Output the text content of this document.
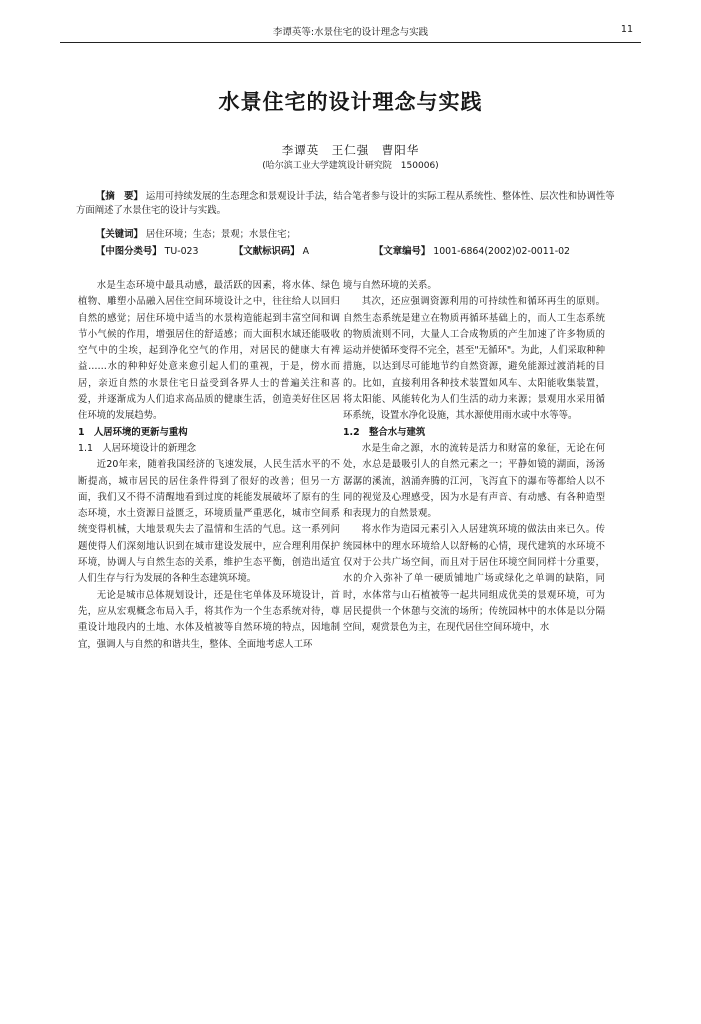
李谭英等:水景住宅的设计理念与实践	11
水景住宅的设计理念与实践
李谭英　王仁强　曹阳华
(哈尔滨工业大学建筑设计研究院　150006)

【摘　要】 运用可持续发展的生态理念和景观设计手法，结合笔者参与设计的实际工程从系统性、整体性、层次性和协调性等方面阐述了水景住宅的设计与实践。

【关键词】 居住环境；生态；景观；水景住宅；
【中图分类号】 TU-023	【文献标识码】 A	【文章编号】 1001-6864(2002)02-0011-02

水是生态环境中最具动感，最活跃的因素，将水体、绿色植物、雕塑小品融入居住空间环境设计之中，往往给人以回归自然的感觉；居住环境中适当的水景构造能起到丰富空间和调节小气候的作用，增强居住的舒适感；而大面积水域还能吸收空气中的尘埃，起到净化空气的作用，对居民的健康大有裨益……水的种种好处意来愈引起人们的重视，于是，傍水而居，亲近自然的水景住宅日益受到各界人士的普遍关注和喜爱，并逐渐成为人们追求高品质的健康生活，创造美好住区居住环境的发展趋势。

1　人居环境的更新与重构

1.1　人居环境设计的新理念

近20年来，随着我国经济的飞速发展，人民生活水平的不断提高，城市居民的居住条件得到了很好的改善；但另一方面，我们又不得不清醒地看到过度的耗能发展破坏了原有的生态环境，水土资源日益匮乏，环境质量严重恶化，城市空间系统变得机械，大地景观失去了温情和生活的气息。这一系列问题使得人们深刻地认识到在城市建设发展中，应合理利用保护环境，协调人与自然生态的关系，维护生态平衡，创造出适宜人们生存与行为发展的各种生态建筑环境。

无论是城市总体规划设计，还是住宅单体及环境设计，首先，应从宏观概念布局入手，将其作为一个生态系统对待，尊重设计地段内的土地、水体及植被等自然环境的特点，因地制宜，强调人与自然的和谐共生，整体、全面地考虑人工环

境与自然环境的关系。

其次，还应强调资源利用的可持续性和循环再生的原则。自然生态系统是建立在物质再循环基础上的，而人工生态系统的物质流则不同，大量人工合成物质的产生加速了许多物质的运动并使循环变得不完全，甚至"无循环"。为此，人们采取种种措施，以达到尽可能地节约自然资源，避免能源过渡消耗的目的。比如，直接利用各种技术装置如风车、太阳能收集装置，将太阳能、风能转化为人们生活的动力来源；景观用水采用循环系统，设置水净化设施，其水源使用雨水或中水等等。

1.2　整合水与建筑

水是生命之源，水的流转是活力和财富的象征，无论在何处，水总是最吸引人的自然元素之一；平静如镜的湖面，汤汤潺潺的溪流，汹涌奔腾的江河，飞泻直下的瀑布等都给人以不同的视觉及心理感受，因为水是有声音、有动感、有各种造型和表现力的自然景观。

将水作为造园元素引入人居建筑环境的做法由来已久。传统园林中的理水环境给人以舒畅的心情，现代建筑的水环境不仅对于公共广场空间，而且对于居住环境空间同样十分重要，水的介入弥补了单一硬质铺地广场或绿化之单调的缺陷，同时，水体常与山石植被等一起共同组成优美的景观环境，可为居民提供一个休憩与交流的场所；传统园林中的水体是以分隔空间，观赏景色为主，在现代居住空间环境中，水
